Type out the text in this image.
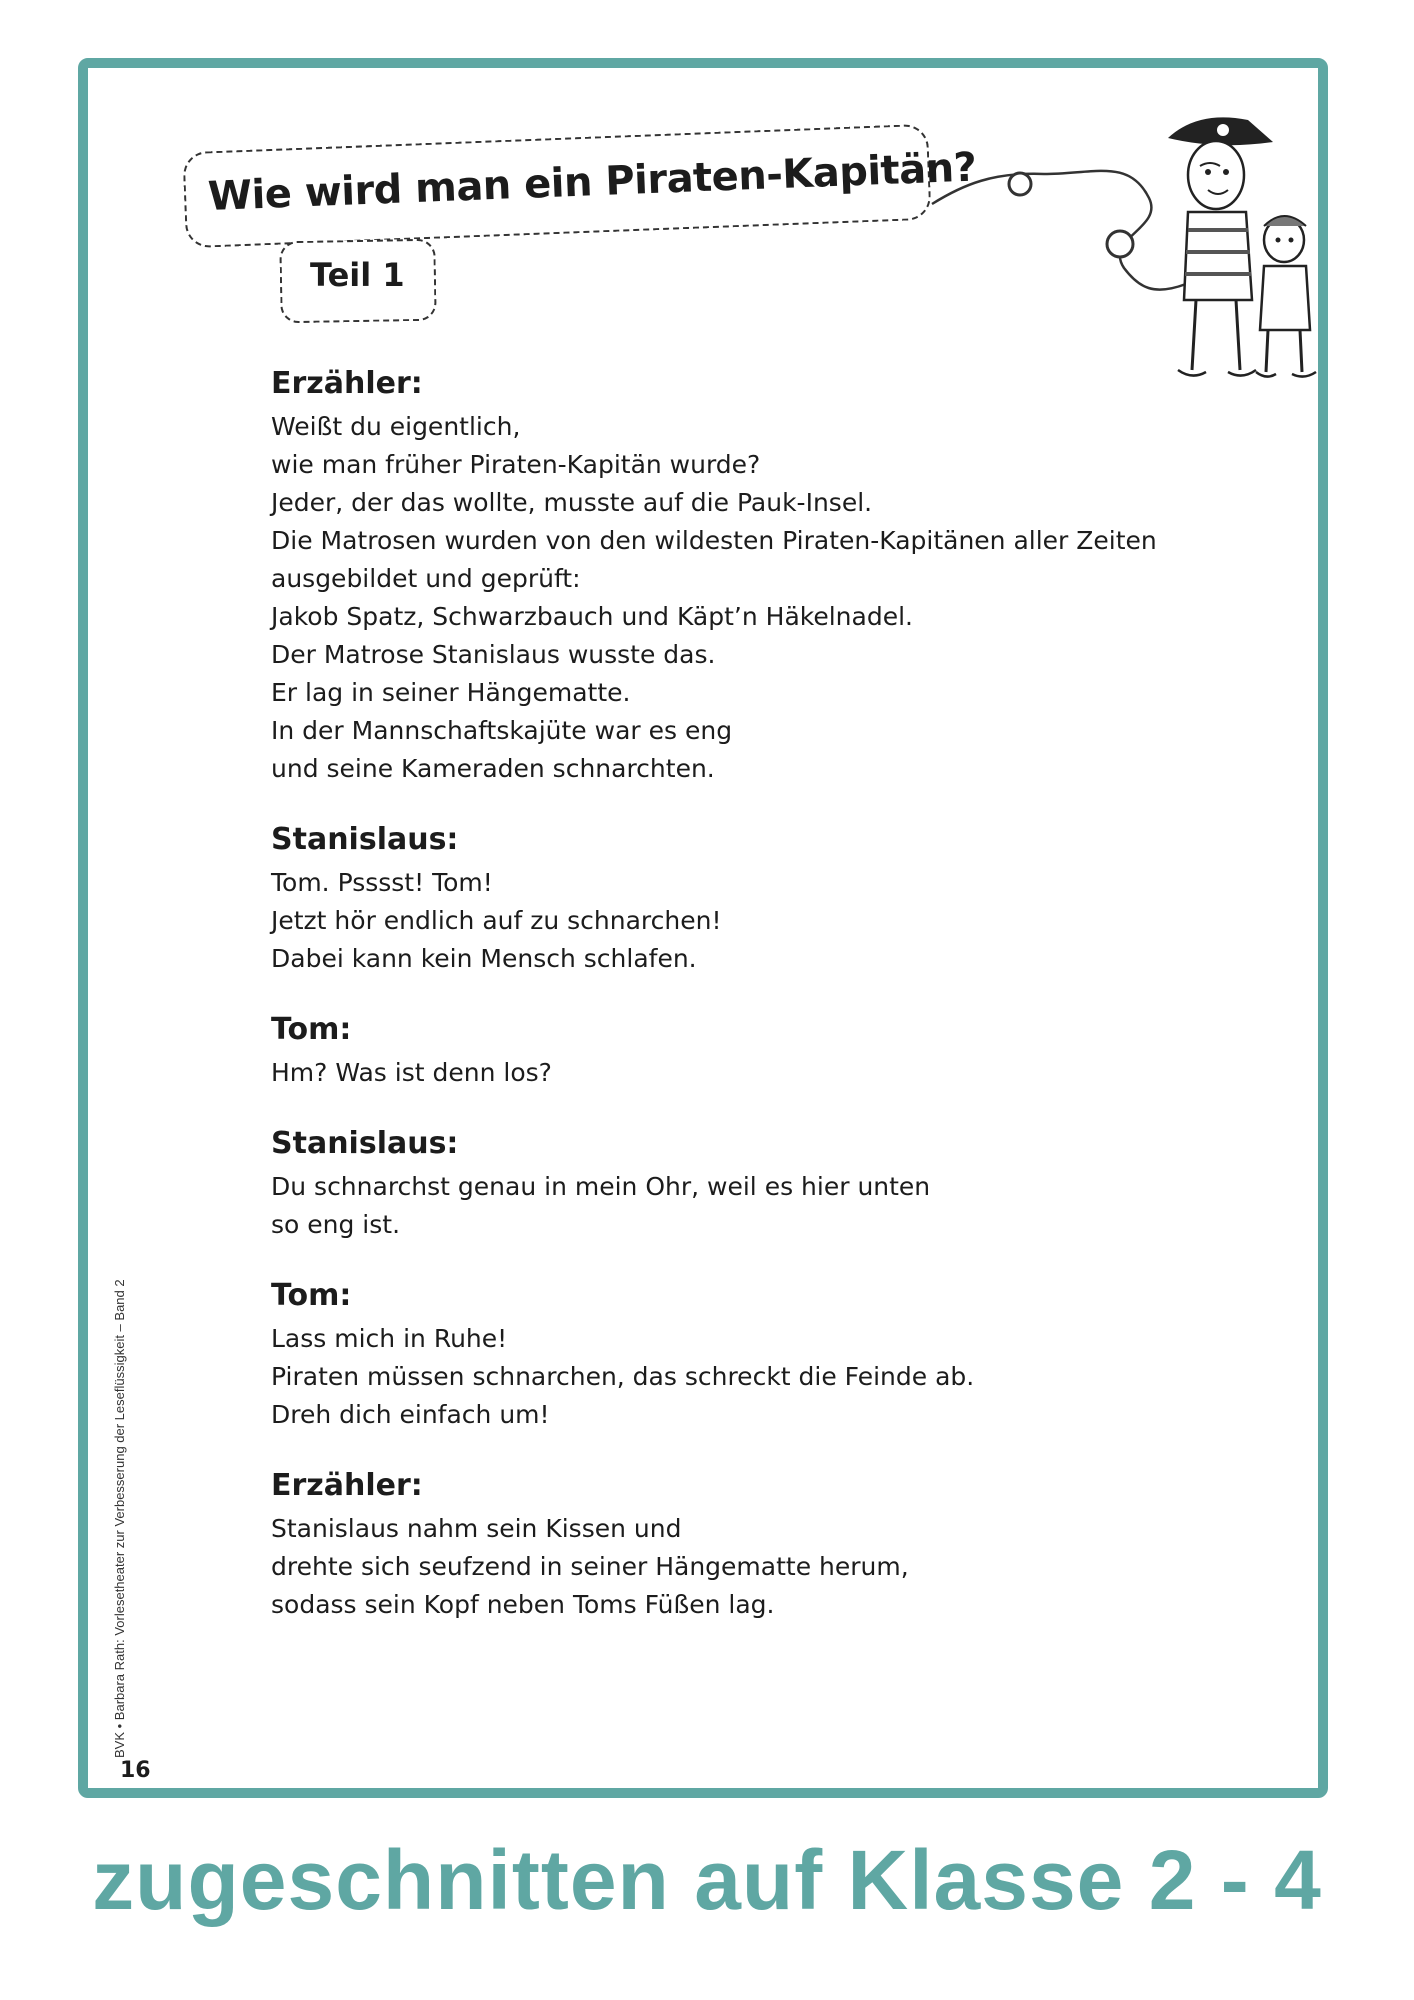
Wie wird man ein Piraten-Kapitän?
Teil 1
Erzähler:
Weißt du eigentlich,
wie man früher Piraten-Kapitän wurde?
Jeder, der das wollte, musste auf die Pauk-Insel.
Die Matrosen wurden von den wildesten Piraten-Kapitänen aller Zeiten
ausgebildet und geprüft:
Jakob Spatz, Schwarzbauch und Käpt’n Häkelnadel.
Der Matrose Stanislaus wusste das.
Er lag in seiner Hängematte.
In der Mannschaftskajüte war es eng
und seine Kameraden schnarchten.
Stanislaus:
Tom. Psssst! Tom!
Jetzt hör endlich auf zu schnarchen!
Dabei kann kein Mensch schlafen.
Tom:
Hm? Was ist denn los?
Stanislaus:
Du schnarchst genau in mein Ohr, weil es hier unten
so eng ist.
Tom:
Lass mich in Ruhe!
Piraten müssen schnarchen, das schreckt die Feinde ab.
Dreh dich einfach um!
Erzähler:
Stanislaus nahm sein Kissen und
drehte sich seufzend in seiner Hängematte herum,
sodass sein Kopf neben Toms Füßen lag.
BVK • Barbara Rath: Vorlesetheater zur Verbesserung der Leseflüssigkeit – Band 2
16
zugeschnitten auf Klasse 2 - 4
